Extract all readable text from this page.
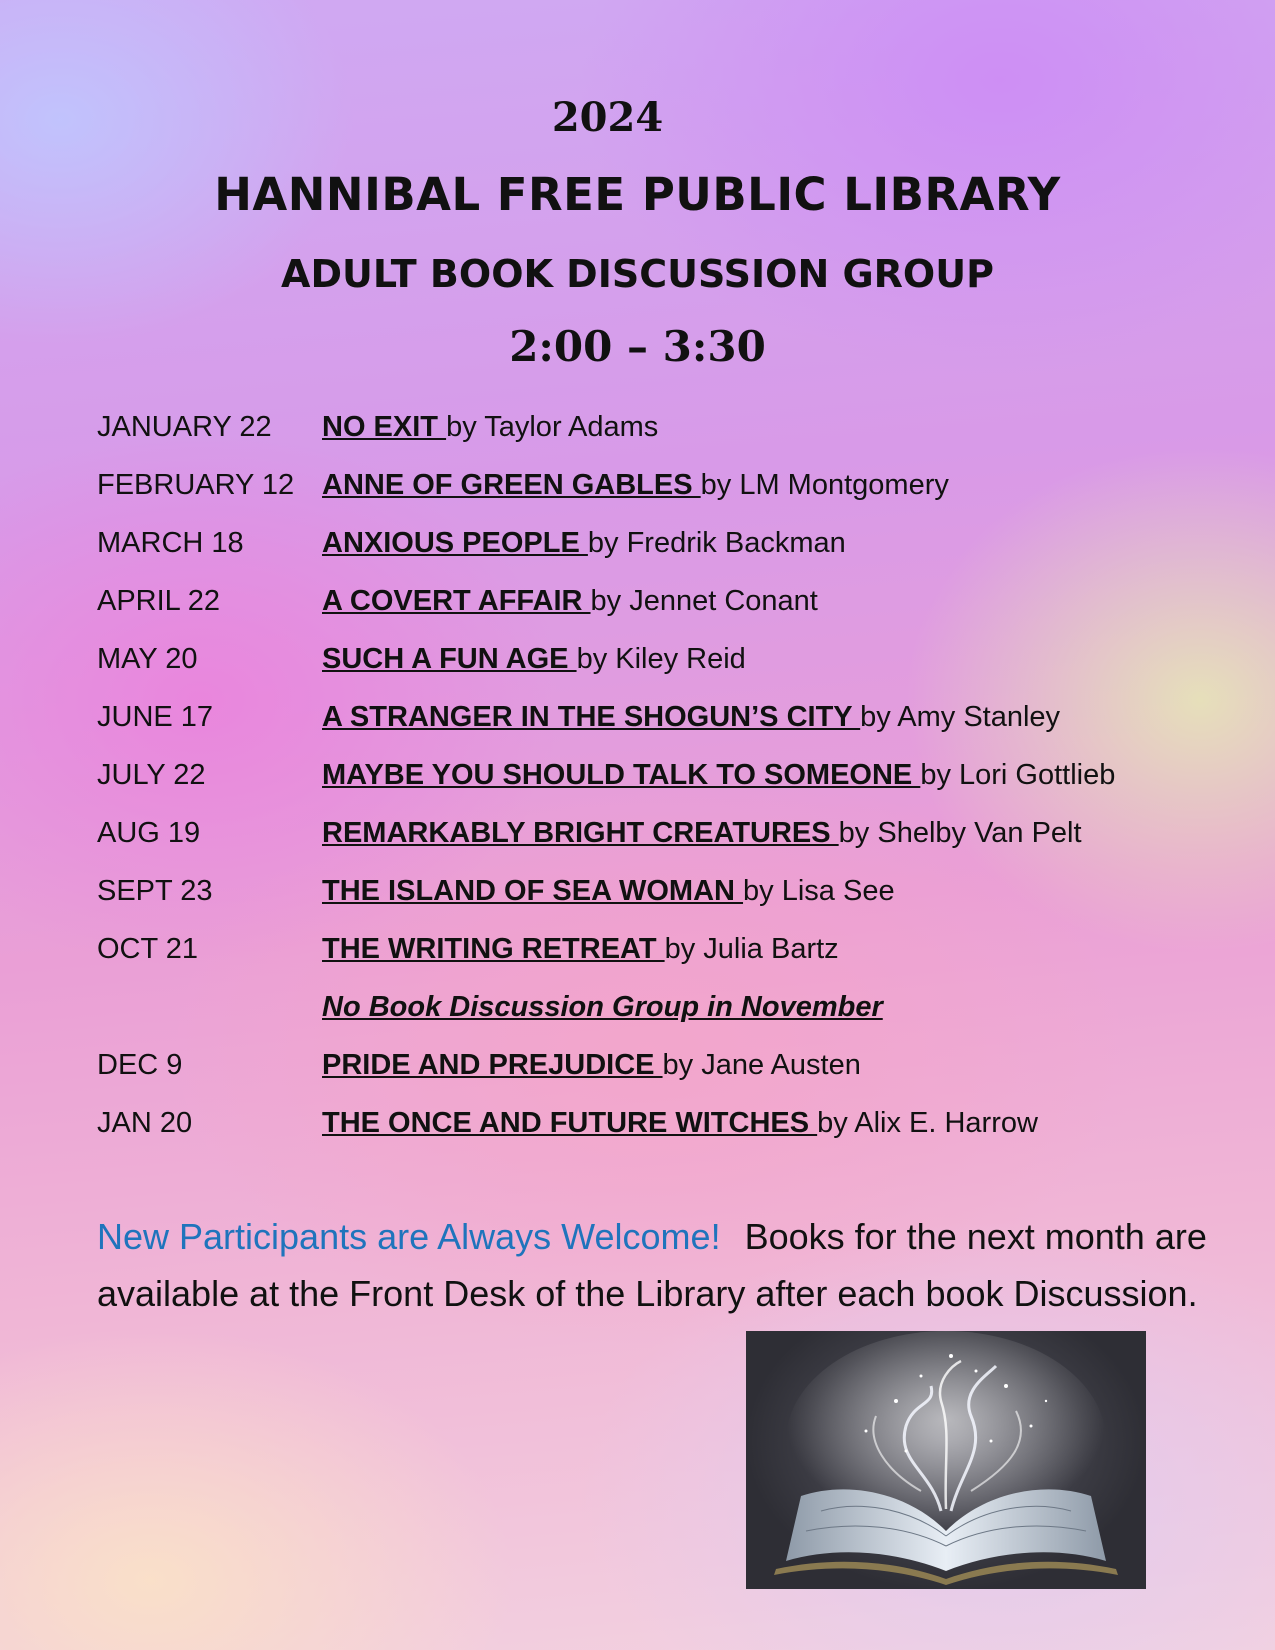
2024
HANNIBAL FREE PUBLIC LIBRARY
ADULT BOOK DISCUSSION GROUP
2:00 – 3:30
JANUARY 22	NO EXIT by Taylor Adams
FEBRUARY 12 ANNE OF GREEN GABLES by LM Montgomery
MARCH 18	ANXIOUS PEOPLE by Fredrik Backman
APRIL 22	A COVERT AFFAIR by Jennet Conant
MAY 20	SUCH A FUN AGE by Kiley Reid
JUNE 17	A STRANGER IN THE SHOGUN’S CITY by Amy Stanley
JULY 22	MAYBE YOU SHOULD TALK TO SOMEONE by Lori Gottlieb
AUG 19	REMARKABLY BRIGHT CREATURES by Shelby Van Pelt
SEPT 23	THE ISLAND OF SEA WOMAN by Lisa See
OCT 21	THE WRITING RETREAT by Julia Bartz
No Book Discussion Group in November
DEC 9	PRIDE AND PREJUDICE by Jane Austen
JAN 20	THE ONCE AND FUTURE WITCHES by Alix E. Harrow
New Participants are Always Welcome! Books for the next month are available at the Front Desk of the Library after each book Discussion.
